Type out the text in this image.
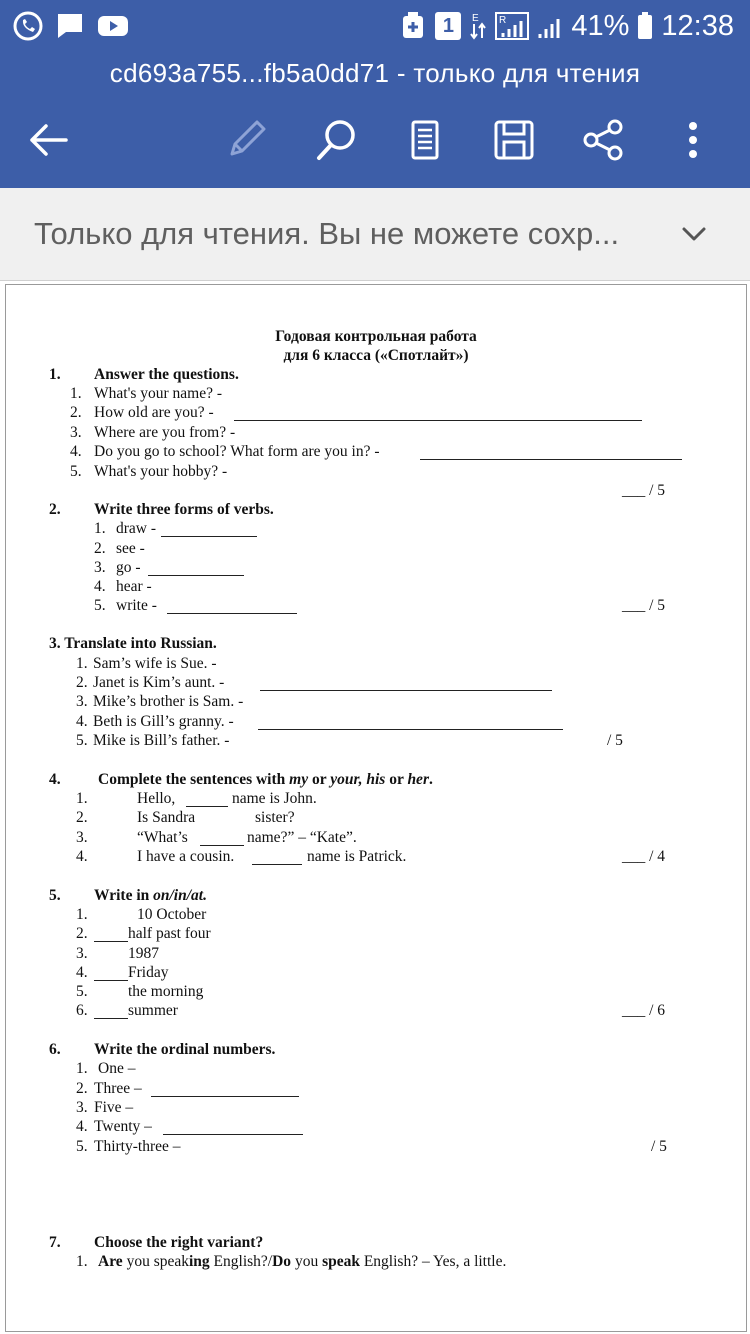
1	E R 41% 12:38
cd693a755...fb5a0dd71 - только для чтения
Только для чтения. Вы не можете сохр...
Годовая контрольная работа
для 6 класса («Спотлайт»)
1. Answer the questions.
1. What's your name? -
2. How old are you? -
3. Where are you from? -
4. Do you go to school? What form are you in? -
5. What's your hobby? -
___ / 5
2. Write three forms of verbs.
1. draw -
2. see -
3. go -
4. hear -
5. write -	___ / 5
3. Translate into Russian.
1. Sam’s wife is Sue. -
2. Janet is Kim’s aunt. -
3. Mike’s brother is Sam. -
4. Beth is Gill’s granny. -
5. Mike is Bill’s father. -	/ 5
4. Complete the sentences with my or your, his or her.
1.	Hello,	name is John.
2.	Is Sandra	sister?
3.	“What’s	name?” – “Kate”.
4.	I have a cousin.	name is Patrick.	___ / 4
5. Write in on/in/at.
1.	10 October
2.	half past four
3.	1987
4.	Friday
5.	the morning
6.	summer	___ / 6
6. Write the ordinal numbers.
1. One –
2. Three –
3. Five –
4. Twenty –
5. Thirty-three –	/ 5
7. Choose the right variant?
1. Are you speaking English?/Do you speak English? – Yes, a little.
